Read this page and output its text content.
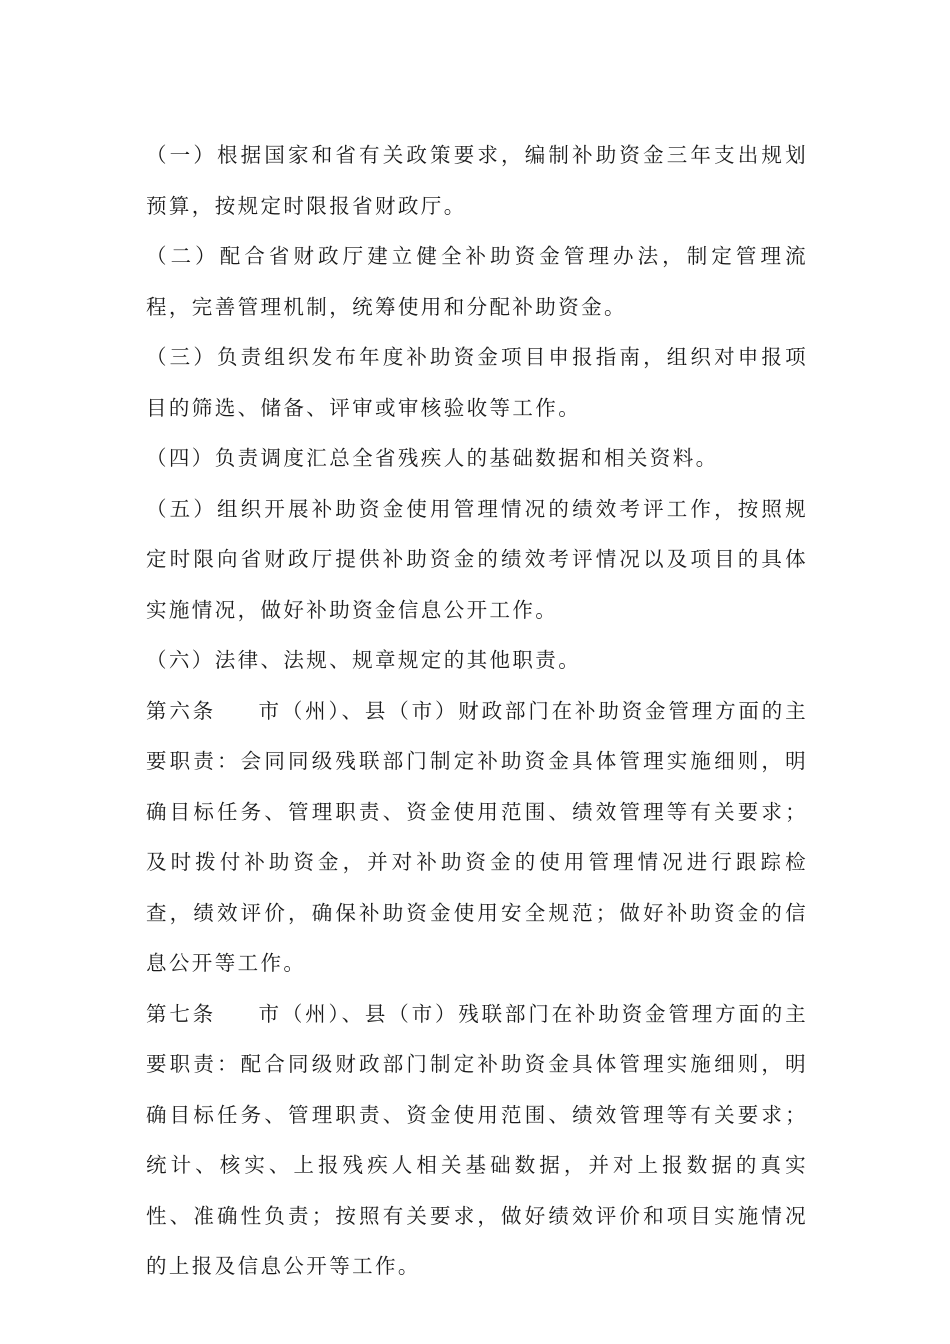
（一）根据国家和省有关政策要求，编制补助资金三年支出规划预算，按规定时限报省财政厅。

（二）配合省财政厅建立健全补助资金管理办法，制定管理流程，完善管理机制，统筹使用和分配补助资金。

（三）负责组织发布年度补助资金项目申报指南，组织对申报项目的筛选、储备、评审或审核验收等工作。

（四）负责调度汇总全省残疾人的基础数据和相关资料。

（五）组织开展补助资金使用管理情况的绩效考评工作，按照规定时限向省财政厅提供补助资金的绩效考评情况以及项目的具体实施情况，做好补助资金信息公开工作。

（六）法律、法规、规章规定的其他职责。

第六条 市（州）、县（市）财政部门在补助资金管理方面的主要职责：会同同级残联部门制定补助资金具体管理实施细则，明确目标任务、管理职责、资金使用范围、绩效管理等有关要求；及时拨付补助资金，并对补助资金的使用管理情况进行跟踪检查，绩效评价，确保补助资金使用安全规范；做好补助资金的信息公开等工作。

第七条 市（州）、县（市）残联部门在补助资金管理方面的主要职责：配合同级财政部门制定补助资金具体管理实施细则，明确目标任务、管理职责、资金使用范围、绩效管理等有关要求；统计、核实、上报残疾人相关基础数据，并对上报数据的真实性、准确性负责；按照有关要求，做好绩效评价和项目实施情况的上报及信息公开等工作。
